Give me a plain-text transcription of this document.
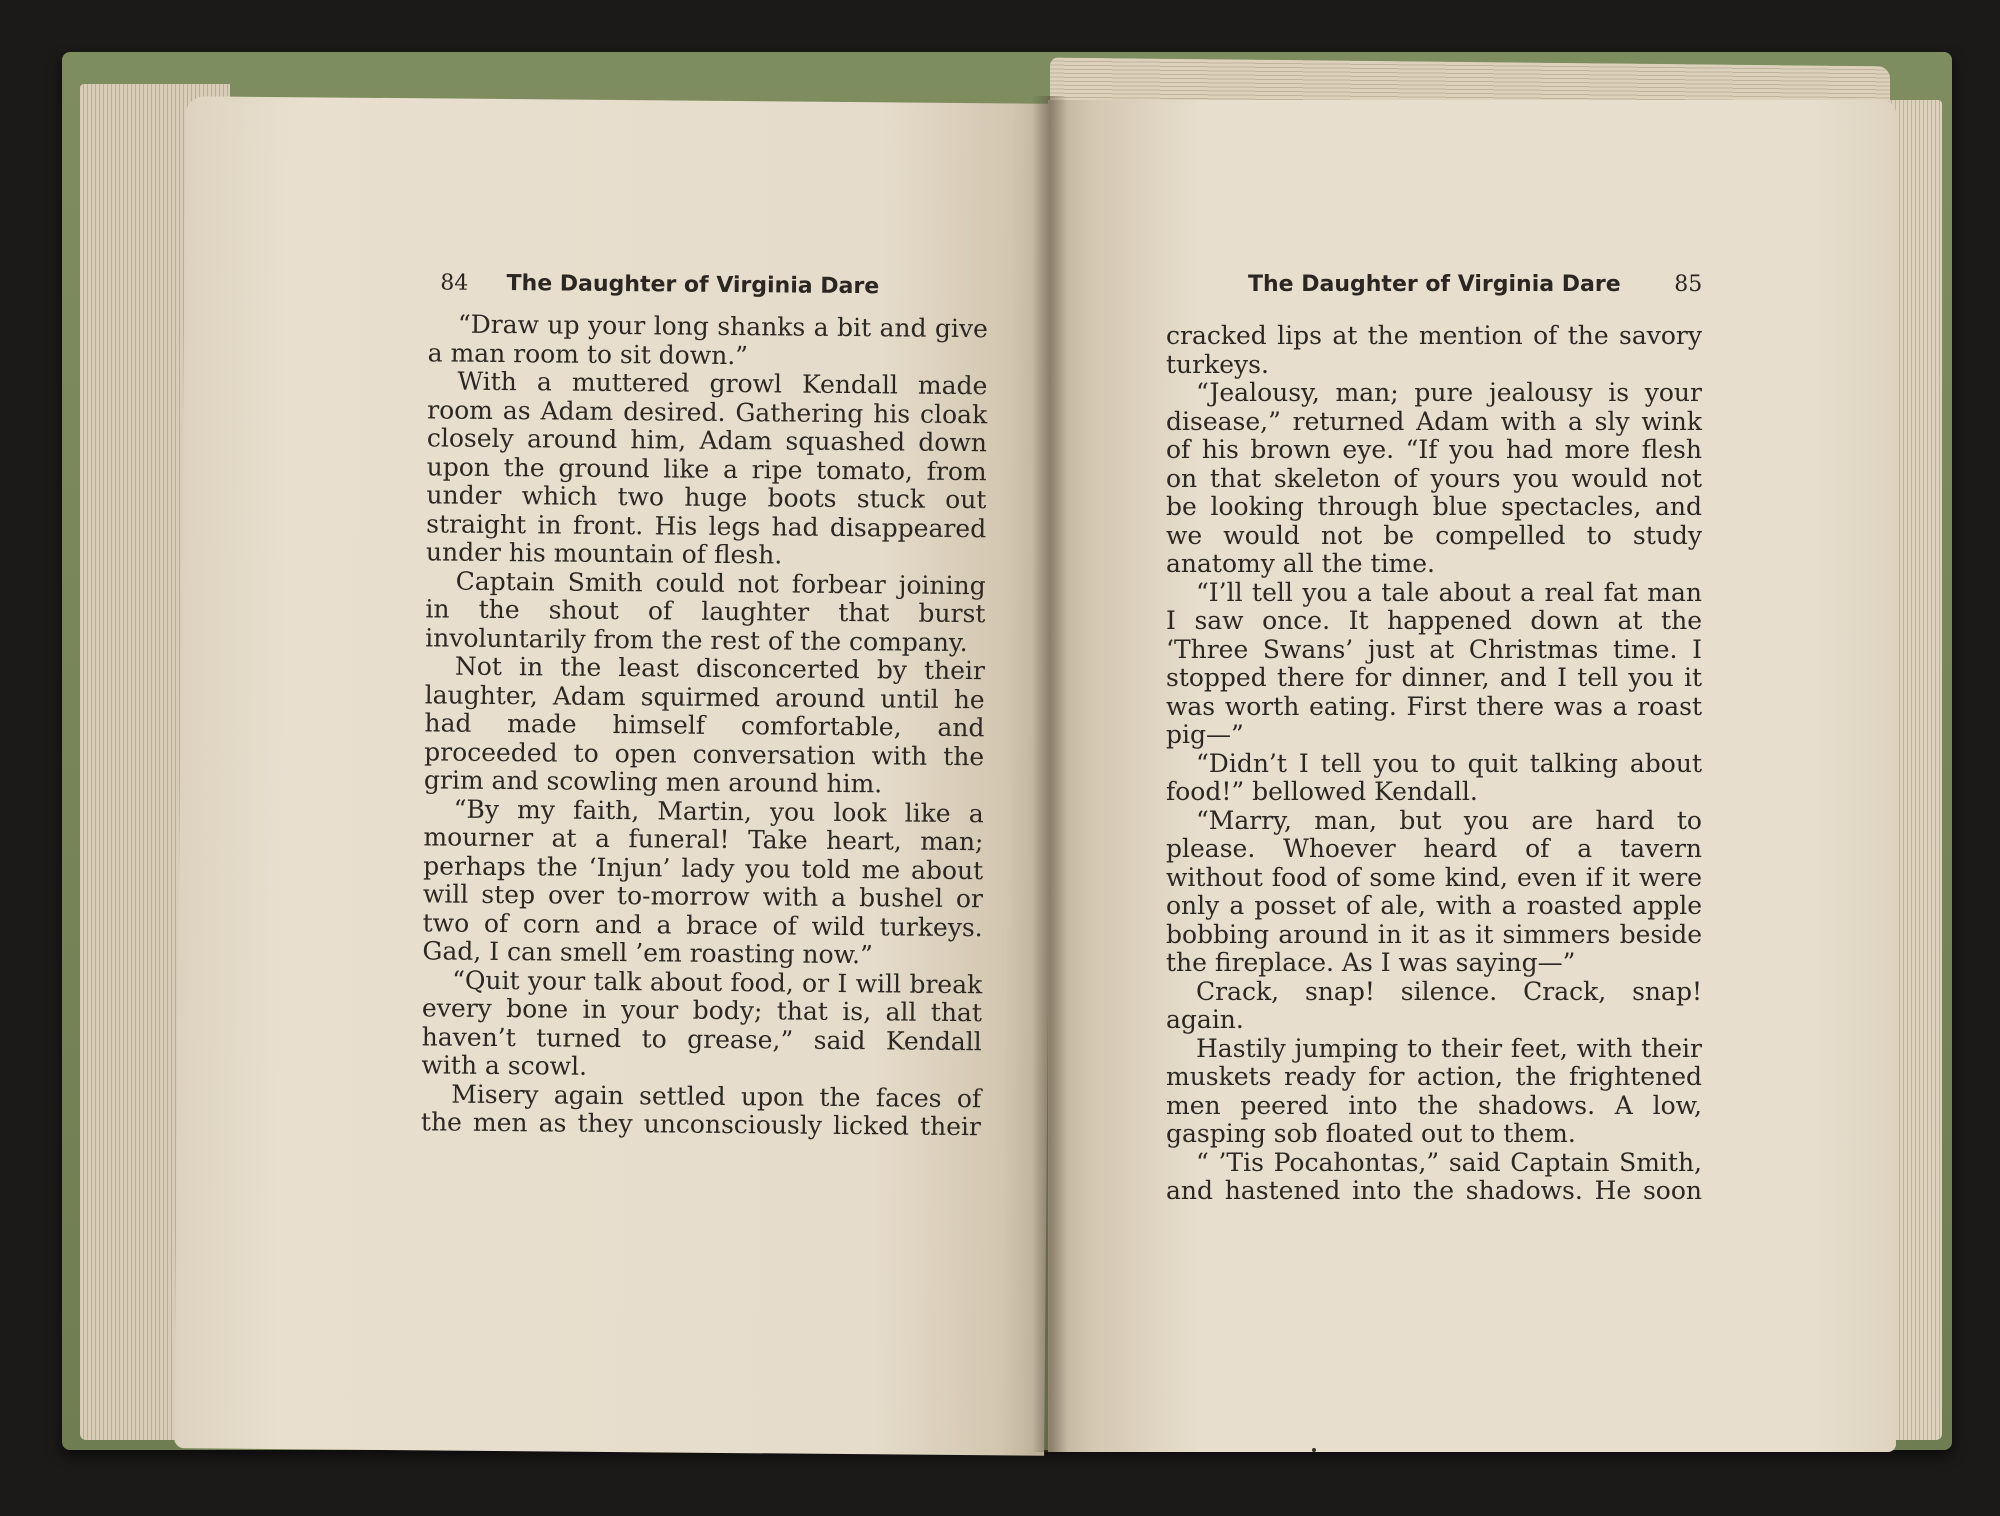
84 The Daughter of Virginia Dare

“Draw up your long shanks a bit and give a man room to sit down.”

With a muttered growl Kendall made room as Adam desired. Gathering his cloak closely around him, Adam squashed down upon the ground like a ripe tomato, from under which two huge boots stuck out straight in front. His legs had disappeared under his mountain of flesh.

Captain Smith could not forbear joining in the shout of laughter that burst involuntarily from the rest of the company.

Not in the least disconcerted by their laughter, Adam squirmed around until he had made himself comfortable, and proceeded to open conversation with the grim and scowling men around him.

“By my faith, Martin, you look like a mourner at a funeral! Take heart, man; perhaps the ‘Injun’ lady you told me about will step over to-morrow with a bushel or two of corn and a brace of wild turkeys. Gad, I can smell ’em roasting now.”

“Quit your talk about food, or I will break every bone in your body; that is, all that haven’t turned to grease,” said Kendall with a scowl.

Misery again settled upon the faces of the men as they unconsciously licked their

The Daughter of Virginia Dare 85

cracked lips at the mention of the savory turkeys.

“Jealousy, man; pure jealousy is your disease,” returned Adam with a sly wink of his brown eye. “If you had more flesh on that skeleton of yours you would not be looking through blue spectacles, and we would not be compelled to study anatomy all the time.

“I’ll tell you a tale about a real fat man I saw once. It happened down at the ‘Three Swans’ just at Christmas time. I stopped there for dinner, and I tell you it was worth eating. First there was a roast pig—”

“Didn’t I tell you to quit talking about food!” bellowed Kendall.

“Marry, man, but you are hard to please. Whoever heard of a tavern without food of some kind, even if it were only a posset of ale, with a roasted apple bobbing around in it as it simmers beside the fireplace. As I was saying—”

Crack, snap! silence. Crack, snap! again.

Hastily jumping to their feet, with their muskets ready for action, the frightened men peered into the shadows. A low, gasping sob floated out to them.

“ ’Tis Pocahontas,” said Captain Smith, and hastened into the shadows. He soon
